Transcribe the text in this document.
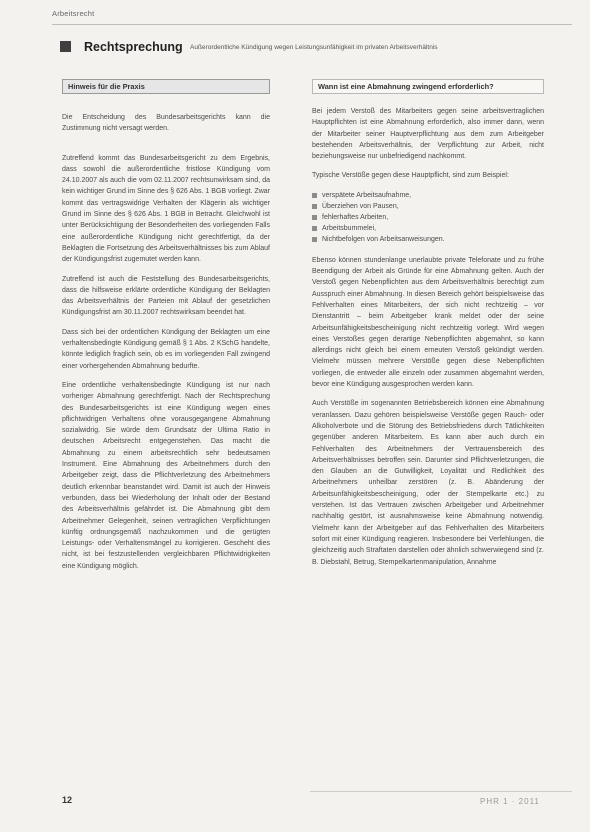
Arbeitsrecht
Rechtsprechung Außerordentliche Kündigung wegen Leistungsunfähigkeit im privaten Arbeitsverhältnis
Hinweis für die Praxis

Die Entscheidung des Bundesarbeitsgerichts kann die Zustimmung nicht versagt werden.

Zutreffend kommt das Bundesarbeitsgericht zu dem Ergebnis, dass sowohl die außerordentliche fristlose Kündigung vom 24.10.2007 als auch die vom 02.11.2007 rechtsunwirksam sind, da kein wichtiger Grund im Sinne des § 626 Abs. 1 BGB vorliegt. Zwar kommt das vertragswidrige Verhalten der Klägerin als wichtiger Grund im Sinne des § 626 Abs. 1 BGB in Betracht. Gleichwohl ist unter Berücksichtigung der Besonderheiten des vorliegenden Falls eine außerordentliche Kündigung nicht gerechtfertigt, da der Beklagten die Fortsetzung des Arbeitsverhältnisses bis zum Ablauf der Kündigungsfrist zugemutet werden kann.

Zutreffend ist auch die Feststellung des Bundesarbeitsgerichts, dass die hilfsweise erklärte ordentliche Kündigung der Beklagten das Arbeitsverhältnis der Parteien mit Ablauf der gesetzlichen Kündigungsfrist am 30.11.2007 rechtswirksam beendet hat.

Dass sich bei der ordentlichen Kündigung der Beklagten um eine verhaltensbedingte Kündigung gemäß § 1 Abs. 2 KSchG handelte, könnte lediglich fraglich sein, ob es im vorliegenden Fall zwingend einer vorhergehenden Abmahnung bedurfte.

Eine ordentliche verhaltensbedingte Kündigung ist nur nach vorheriger Abmahnung gerechtfertigt. Nach der Rechtsprechung des Bundesarbeitsgerichts ist eine Kündigung wegen eines pflichtwidrigen Verhaltens ohne vorausgegangene Abmahnung sozialwidrig. Sie würde dem Grundsatz der Ultima Ratio in deutschen Arbeitsrecht entgegenstehen. Das macht die Abmahnung zu einem arbeitsrechtlich sehr bedeutsamen Instrument. Eine Abmahnung des Arbeitnehmers durch den Arbeitgeber zeigt, dass die Pflichtverletzung des Arbeitnehmers deutlich erkennbar beanstandet wird. Damit ist auch der Hinweis verbunden, dass bei Wiederholung der Inhalt oder der Bestand des Arbeitsverhältnis gefährdet ist. Die Abmahnung gibt dem Arbeitnehmer Gelegenheit, seinen vertraglichen Verpflichtungen künftig ordnungsgemäß nachzukommen und die gerügten Leistungs- oder Verhaltensmängel zu korrigieren. Gescheht dies nicht, ist bei festzustellenden vergleichbaren Pflichtwidrigkeiten eine Kündigung möglich.

Wann ist eine Abmahnung zwingend erforderlich?

Bei jedem Verstoß des Mitarbeiters gegen seine arbeitsvertraglichen Hauptpflichten ist eine Abmahnung erforderlich, also immer dann, wenn der Mitarbeiter seiner Hauptverpflichtung aus dem zum Arbeitgeber bestehenden Arbeitsverhältnis, der Verpflichtung zur Arbeit, nicht beziehungsweise nur unbefriedigend nachkommt.

Typische Verstöße gegen diese Hauptpflicht, sind zum Beispiel:

verspätete Arbeitsaufnahme,
Überziehen von Pausen,
fehlerhaftes Arbeiten,
Arbeitsbummelei,
Nichtbefolgen von Arbeitsanweisungen.

Ebenso können stundenlange unerlaubte private Telefonate und zu frühe Beendigung der Arbeit als Gründe für eine Abmahnung gelten. Auch der Verstoß gegen Nebenpflichten aus dem Arbeitsverhältnis berechtigt zum Ausspruch einer Abmahnung. In diesen Bereich gehört beispielsweise das Fehlverhalten eines Mitarbeiters, der sich nicht rechtzeitig – vor Dienstantritt – beim Arbeitgeber krank meldet oder der seine Arbeitsunfähigkeitsbescheinigung nicht rechtzeitig vorlegt. Wird wegen eines Verstoßes gegen derartige Nebenpflichten abgemahnt, so kann allerdings nicht gleich bei einem erneuten Verstoß gekündigt werden. Vielmehr müssen mehrere Verstöße gegen diese Nebenpflichten vorliegen, die entweder alle einzeln oder zusammen abgemahnt werden, bevor eine Kündigung ausgesprochen werden kann.

Auch Verstöße im sogenannten Betriebsbereich können eine Abmahnung veranlassen. Dazu gehören beispielsweise Verstöße gegen Rauch- oder Alkoholverbote und die Störung des Betriebsfriedens durch Tätlichkeiten gegenüber anderen Mitarbeitern. Es kann aber auch durch ein Fehlverhalten des Arbeitnehmers der Vertrauensbereich des Arbeitsverhältnisses betroffen sein. Darunter sind Pflichtverletzungen, die den Glauben an die Gutwilligkeit, Loyalität und Redlichkeit des Arbeitnehmers unheilbar zerstören (z. B. Abänderung der Arbeitsunfähigkeitsbescheinigung, oder der Stempelkarte etc.) zu verstehen. Ist das Vertrauen zwischen Arbeitgeber und Arbeitnehmer nachhaltig gestört, ist ausnahmsweise keine Abmahnung notwendig. Vielmehr kann der Arbeitgeber auf das Fehlverhalten des Mitarbeiters sofort mit einer Kündigung reagieren. Insbesondere bei Verfehlungen, die gleichzeitig auch Straftaten darstellen oder ähnlich schwerwiegend sind (z. B. Diebstahl, Betrug, Stempelkartenmanipulation, Annahme

12	PHR 1 · 2011
